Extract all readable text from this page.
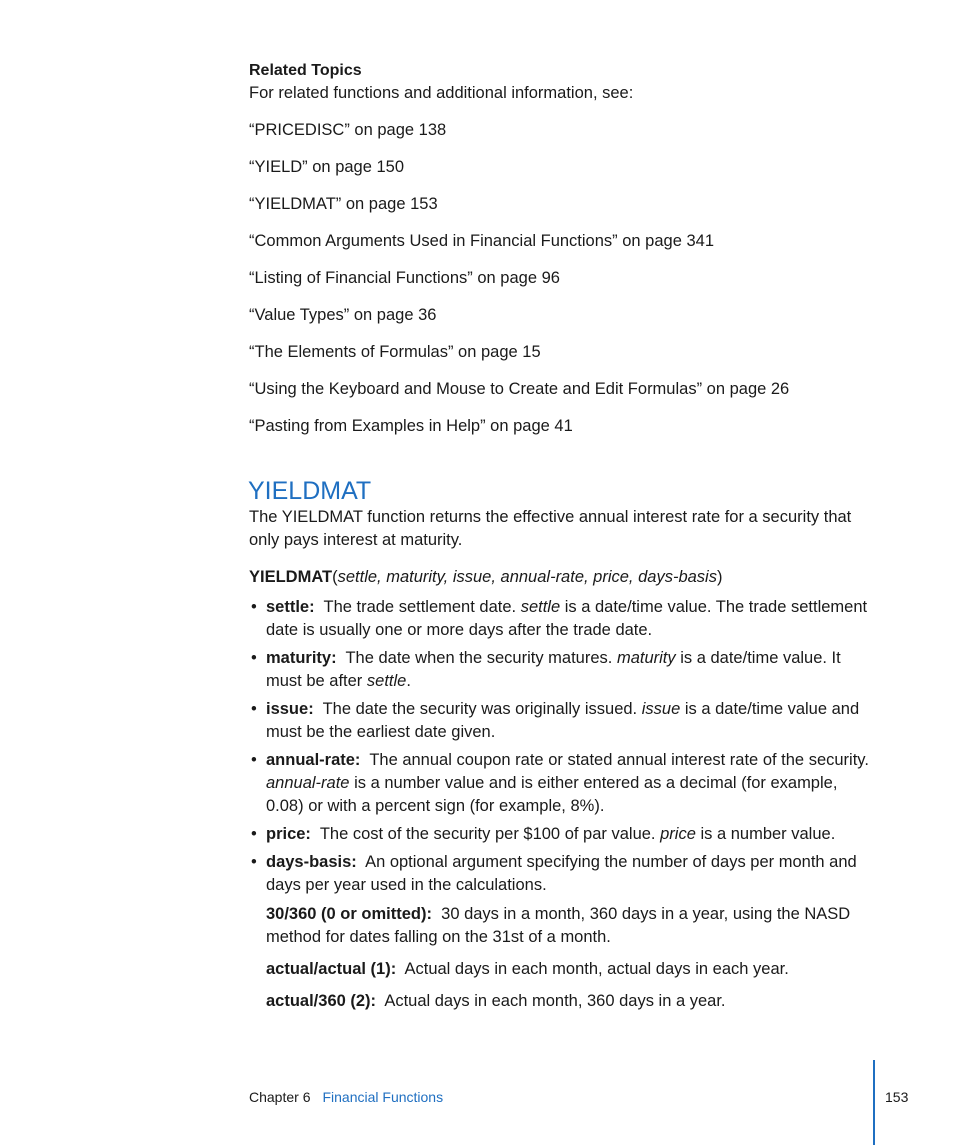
Related Topics
For related functions and additional information, see:
“PRICEDISC” on page 138
“YIELD” on page 150
“YIELDMAT” on page 153
“Common Arguments Used in Financial Functions” on page 341
“Listing of Financial Functions” on page 96
“Value Types” on page 36
“The Elements of Formulas” on page 15
“Using the Keyboard and Mouse to Create and Edit Formulas” on page 26
“Pasting from Examples in Help” on page 41
YIELDMAT
The YIELDMAT function returns the effective annual interest rate for a security that only pays interest at maturity.
YIELDMAT(settle, maturity, issue, annual-rate, price, days-basis)
• settle: The trade settlement date. settle is a date/time value. The trade settlement date is usually one or more days after the trade date.
• maturity: The date when the security matures. maturity is a date/time value. It must be after settle.
• issue: The date the security was originally issued. issue is a date/time value and must be the earliest date given.
• annual-rate: The annual coupon rate or stated annual interest rate of the security. annual-rate is a number value and is either entered as a decimal (for example, 0.08) or with a percent sign (for example, 8%).
• price: The cost of the security per $100 of par value. price is a number value.
• days-basis: An optional argument specifying the number of days per month and days per year used in the calculations.

30/360 (0 or omitted): 30 days in a month, 360 days in a year, using the NASD method for dates falling on the 31st of a month.

actual/actual (1): Actual days in each month, actual days in each year.

actual/360 (2): Actual days in each month, 360 days in a year.

Chapter 6 Financial Functions	153
